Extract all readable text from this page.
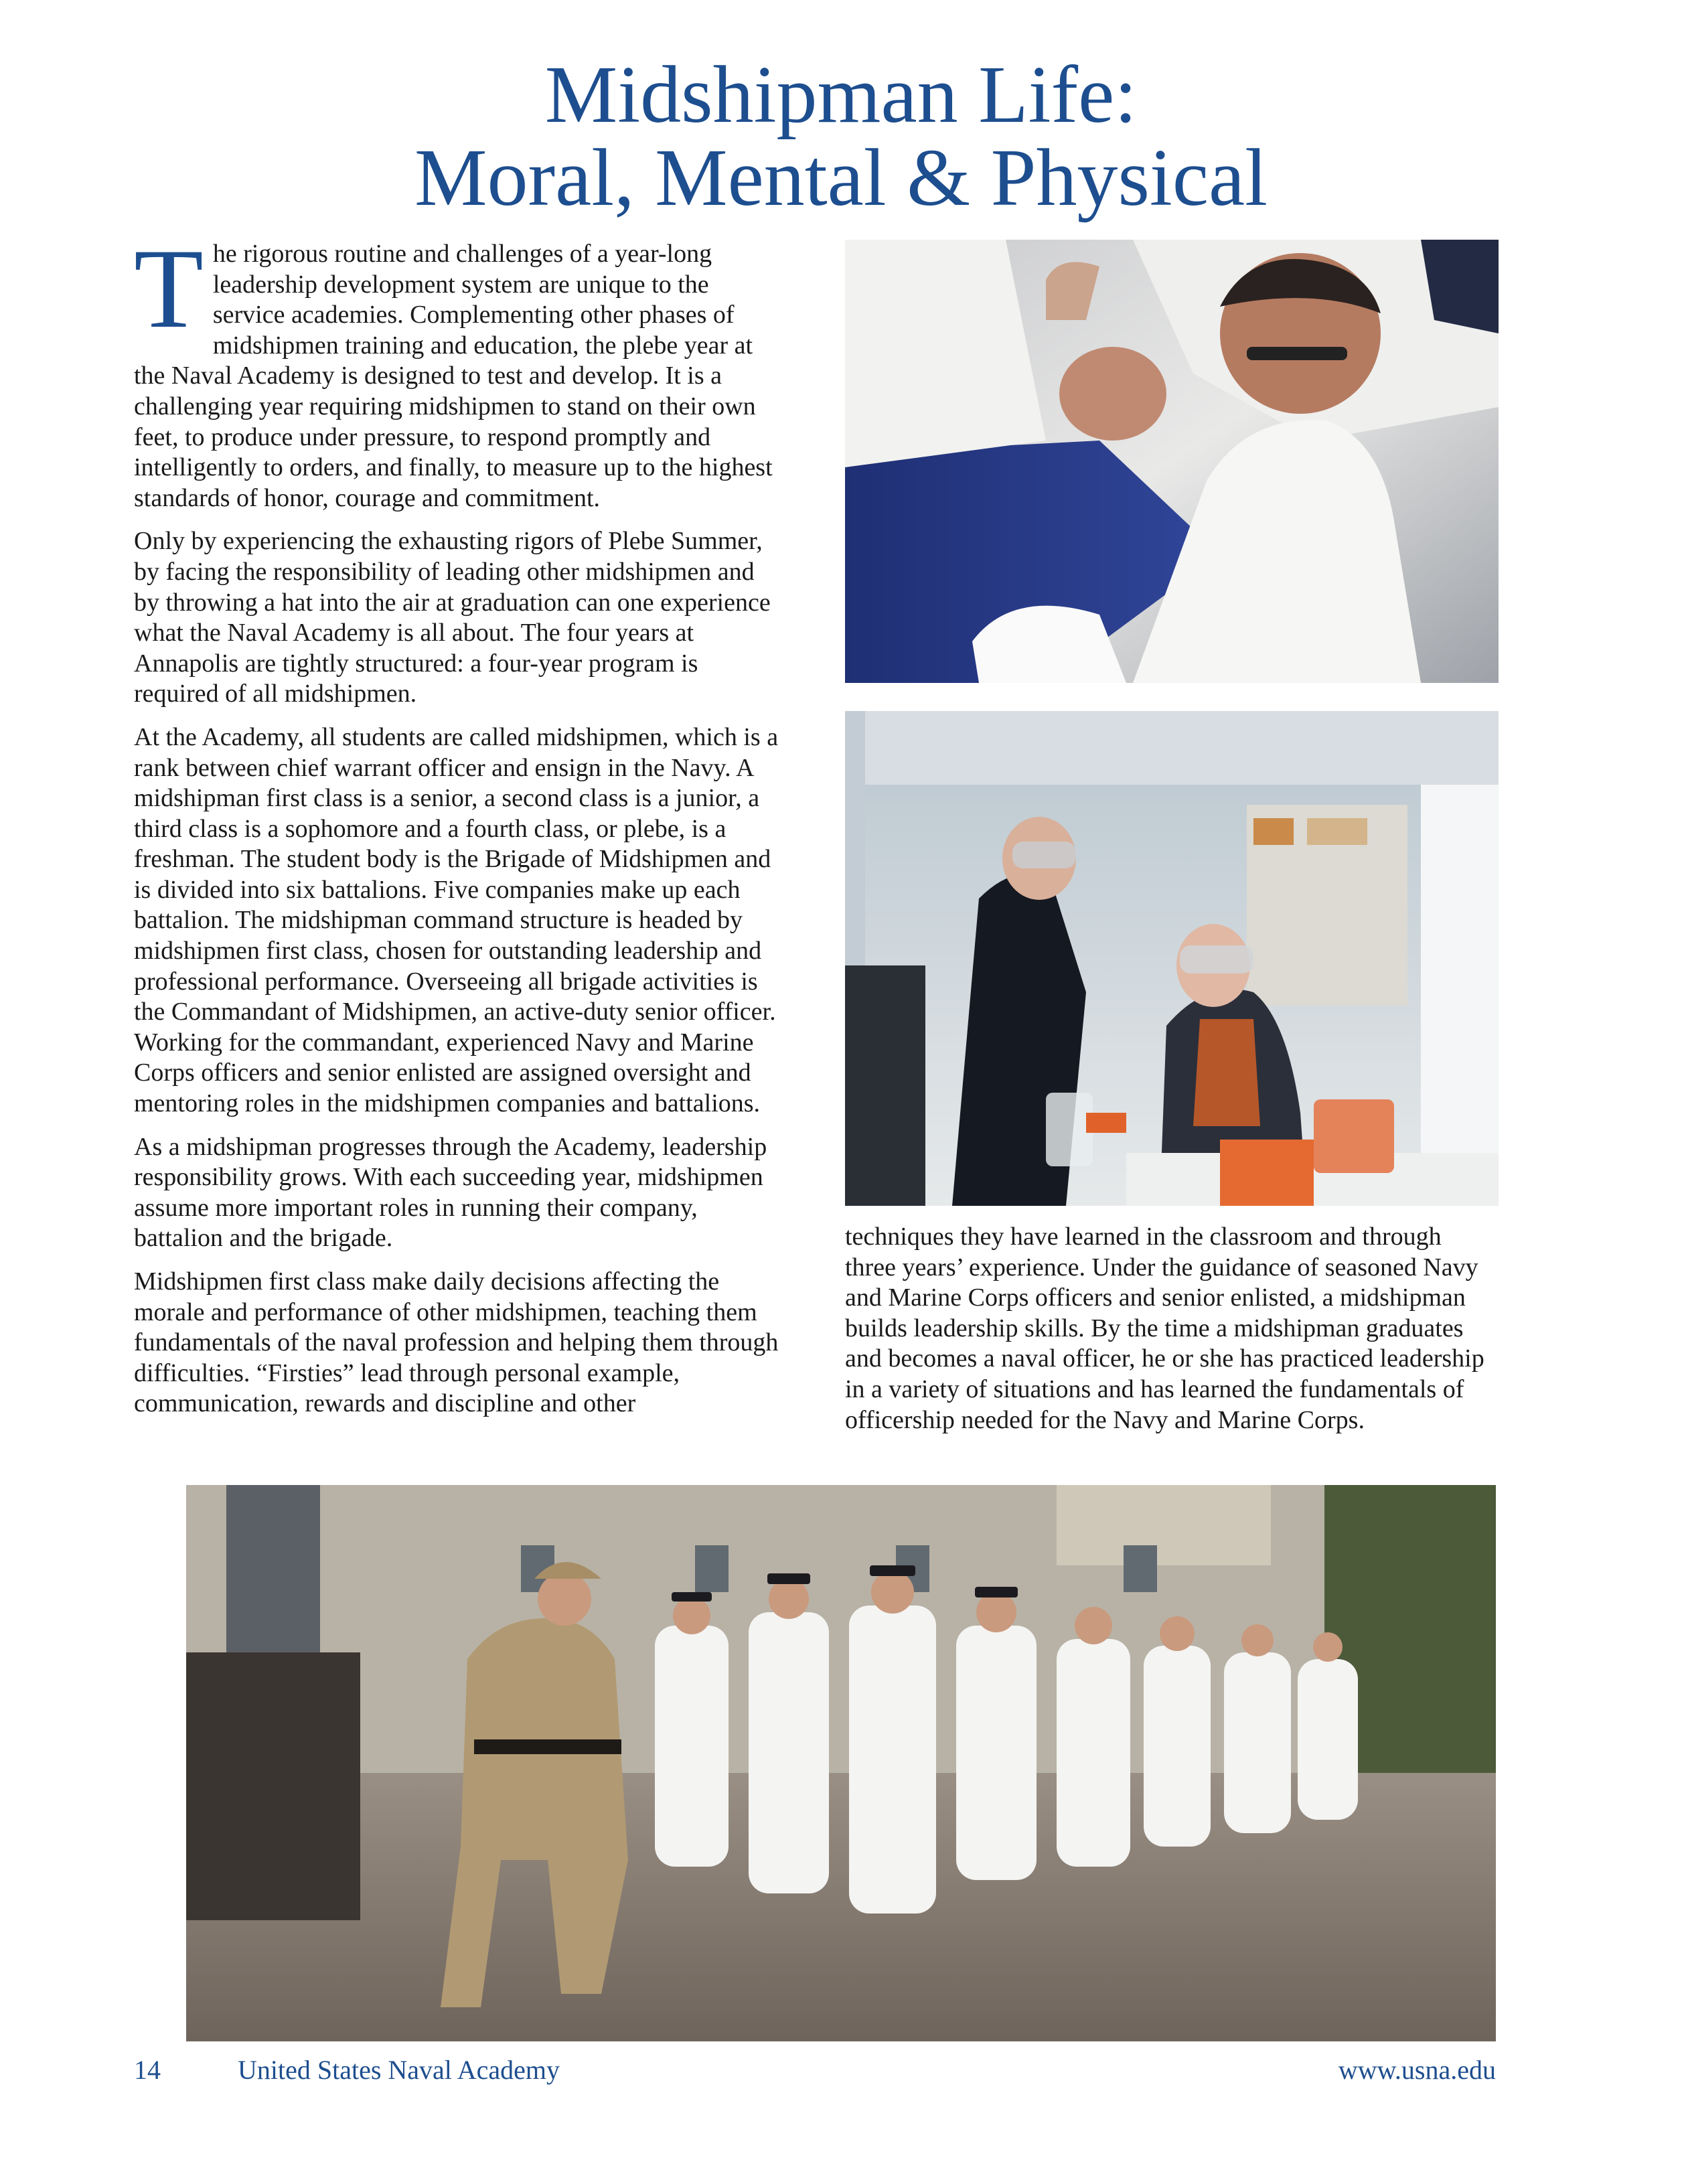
Midshipman Life:
Moral, Mental & Physical

The rigorous routine and challenges of a year-long leadership development system are unique to the service academies. Complementing other phases of midshipmen training and education, the plebe year at the Naval Academy is designed to test and develop. It is a challenging year requiring midshipmen to stand on their own feet, to produce under pressure, to respond promptly and intelligently to orders, and finally, to measure up to the highest standards of honor, courage and commitment.

Only by experiencing the exhausting rigors of Plebe Summer, by facing the responsibility of leading other midshipmen and by throwing a hat into the air at graduation can one experience what the Naval Academy is all about. The four years at Annapolis are tightly structured: a four-year program is required of all midshipmen.

At the Academy, all students are called midshipmen, which is a rank between chief warrant officer and ensign in the Navy. A midshipman first class is a senior, a second class is a junior, a third class is a sophomore and a fourth class, or plebe, is a freshman. The student body is the Brigade of Midshipmen and is divided into six battalions. Five companies make up each battalion. The midshipman command structure is headed by midshipmen first class, chosen for outstanding leadership and professional performance. Overseeing all brigade activities is the Commandant of Midshipmen, an active-duty senior officer. Working for the commandant, experienced Navy and Marine Corps officers and senior enlisted are assigned oversight and mentoring roles in the midshipmen companies and battalions.

As a midshipman progresses through the Academy, leadership responsibility grows. With each succeeding year, midshipmen assume more important roles in running their company, battalion and the brigade.

Midshipmen first class make daily decisions affecting the morale and performance of other midshipmen, teaching them fundamentals of the naval profession and helping them through difficulties. “Firsties” lead through personal example, communication, rewards and discipline and other

techniques they have learned in the classroom and through three years’ experience. Under the guidance of seasoned Navy and Marine Corps officers and senior enlisted, a midshipman builds leadership skills. By the time a midshipman graduates and becomes a naval officer, he or she has practiced leadership in a variety of situations and has learned the fundamentals of officership needed for the Navy and Marine Corps.

14	United States Naval Academy	www.usna.edu
